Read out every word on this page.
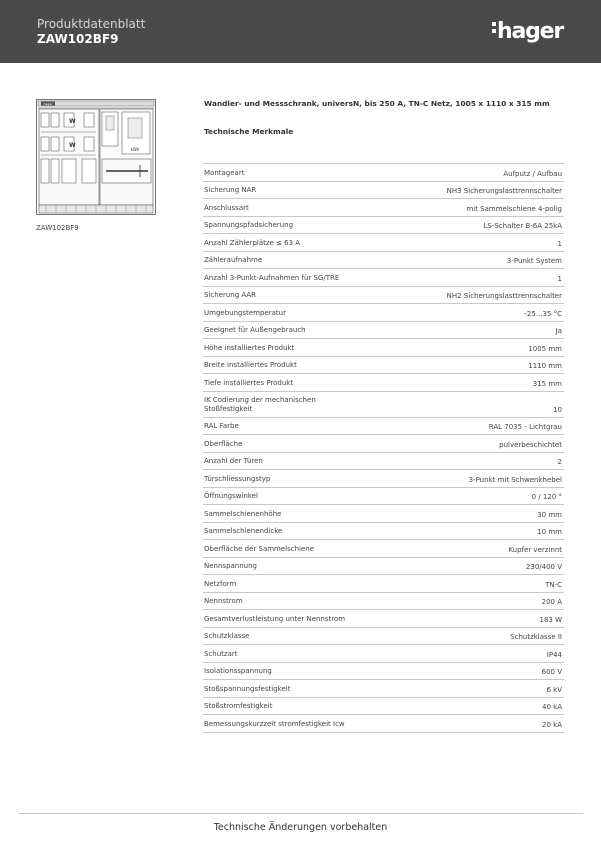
Produktdatenblatt
ZAW102BF9	hager
hager
W
W
kWh
ZAW102BF9
Wandler- und Messschrank, universN, bis 250 A, TN-C Netz, 1005 x 1110 x 315 mm
Technische Merkmale
Montageart	Aufputz / Aufbau
Sicherung NAR	NH3 Sicherungslasttrennschalter
Anschlussart	mit Sammelschiene 4-polig
Spannungspfadsicherung	LS-Schalter B-6A 25kA
Anzahl Zählerplätze ≤ 63 A	1
Zähleraufnahme	3-Punkt System
Anzahl 3-Punkt-Aufnahmen für SG/TRE	1
Sicherung AAR	NH2 Sicherungslasttrennschalter
Umgebungstemperatur	-25...35 °C
Geeignet für Außengebrauch	Ja
Höhe installiertes Produkt	1005 mm
Breite installiertes Produkt	1110 mm
Tiefe installiertes Produkt	315 mm
IK Codierung der mechanischen
Stoßfestigkeit	10
RAL Farbe	RAL 7035 - Lichtgrau
Oberfläche	pulverbeschichtet
Anzahl der Türen	2
Türschliessungstyp	3-Punkt mit Schwenkhebel
Öffnungswinkel	0 / 120 °
Sammelschienenhöhe	30 mm
Sammelschienendicke	10 mm
Oberfläche der Sammelschiene	Kupfer verzinnt
Nennspannung	230/400 V
Netzform	TN-C
Nennstrom	200 A
Gesamtverlustleistung unter Nennstrom	183 W
Schutzklasse	Schutzklasse II
Schutzart	IP44
Isolationsspannung	600 V
Stoßspannungsfestigkeit	6 kV
Stoßstromfestigkeit	40 kA
Bemessungskurzzeit stromfestigkeit Icw	20 kA
Technische Änderungen vorbehalten
